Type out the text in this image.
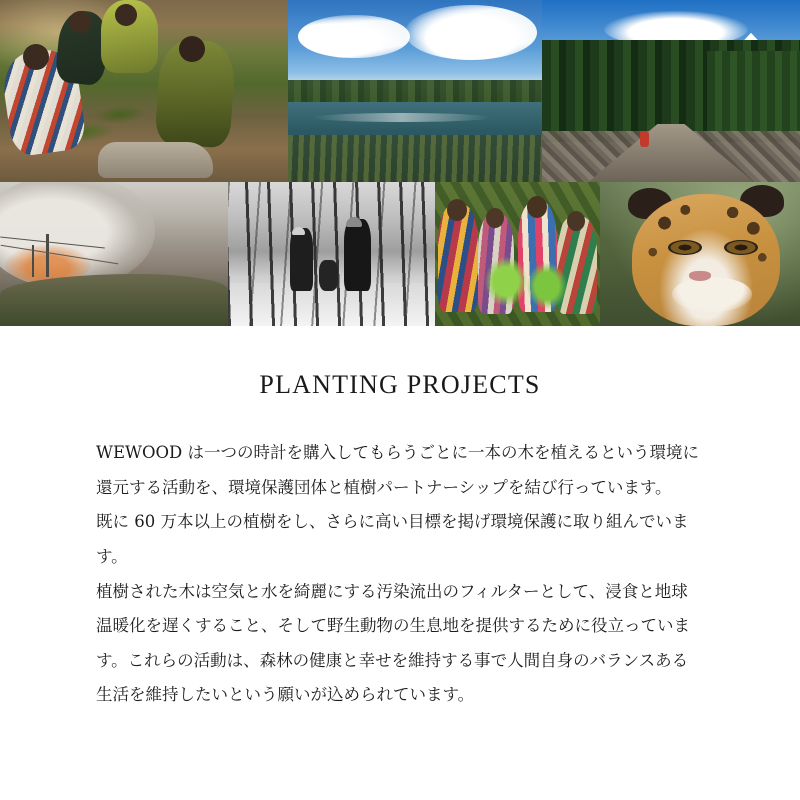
PLANTING PROJECTS

WEWOOD は一つの時計を購入してもらうごとに一本の木を植えるという環境に還元する活動を、環境保護団体と植樹パートナーシップを結び行っています。

既に 60 万本以上の植樹をし、さらに高い目標を掲げ環境保護に取り組んでいます。

植樹された木は空気と水を綺麗にする汚染流出のフィルターとして、浸食と地球温暖化を遅くすること、そして野生動物の生息地を提供するために役立っています。これらの活動は、森林の健康と幸せを維持する事で人間自身のバランスある生活を維持したいという願いが込められています。
